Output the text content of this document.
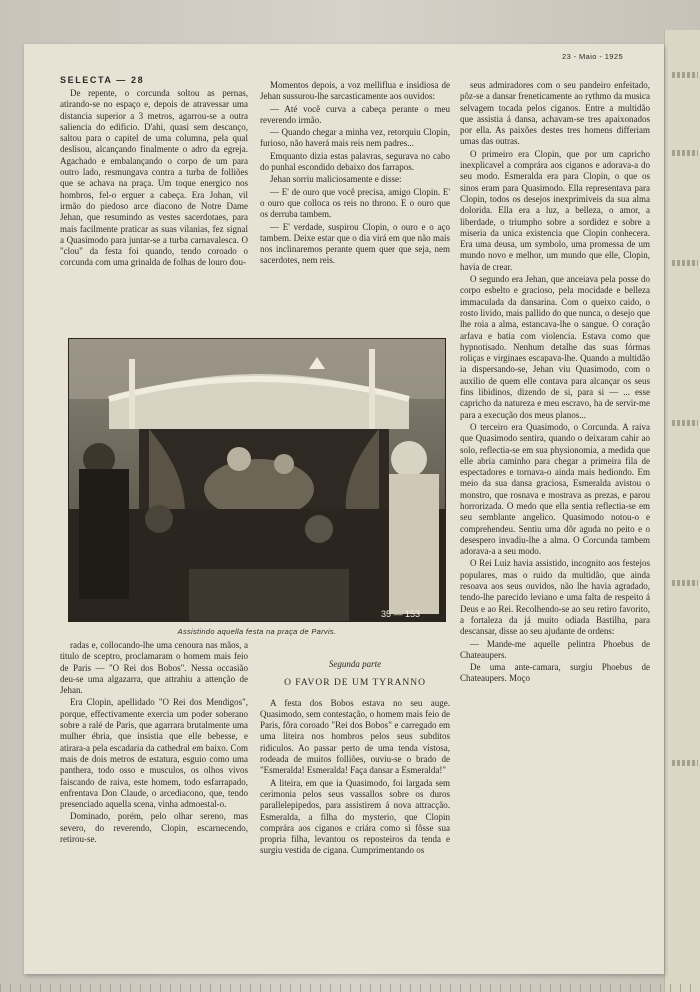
SELECTA — 28
23 - Maio - 1925

De repente, o corcunda soltou as pernas, atirando-se no espaço e, depois de atravessar uma distancia superior a 3 metros, agarrou-se a outra saliencia do edificio. D'ahi, quasi sem descanço, saltou para o capitel de uma columna, pela qual deslisou, alcançando finalmente o adro da egreja. Agachado e embalançando o corpo de um para outro lado, resmungava contra a turba de folliões que se achava na praça. Um toque energico nos hombros, fel-o erguer a cabeça. Era Johan, vil irmão do piedoso arce diacono de Notre Dame Jehan, que resumindo as vestes sacerdotaes, para mais facilmente praticar as suas vilanias, fez signal a Quasimodo para juntar-se a turba carnavalesca. O "clou" da festa foi quando, tendo coroado o corcunda com uma grinalda de folhas de louro dou-

Momentos depois, a voz melliflua e insidiosa de Jehan sussurou-lhe sarcasticamente aos ouvidos:

— Até você curva a cabeça perante o meu reverendo irmão.

— Quando chegar a minha vez, retorquiu Clopin, furioso, não haverá mais reis nem padres...

Emquanto dizia estas palavras, segurava no cabo do punhal escondido debaixo dos farrapos.

Jehan sorriu maliciosamente e disse:

— E' de ouro que você precisa, amigo Clopin. E' o ouro que colloca os reis no throno. E o ouro que os derruba tambem.

— E' verdade, suspirou Clopin, o ouro e o aço tambem. Deixe estar que o dia virá em que não mais nos inclinaremos perante quem quer que seja, nem sacerdotes, nem reis.

seus admiradores com o seu pandeiro enfeitado, pôz-se a dansar freneticamente ao rythmo da musica selvagem tocada pelos ciganos. Entre a multidão que assistia á dansa, achavam-se tres apaixonados por ella. As paixões destes tres homens differiam umas das outras.

O primeiro era Clopin, que por um capricho inexplicavel a comprára aos ciganos e adorava-a do seu modo. Esmeralda era para Clopin, o que os sinos eram para Quasimodo. Ella representava para Clopin, todos os desejos inexprimiveis da sua alma dolorida. Ella era a luz, a belleza, o amor, a liberdade, o triumpho sobre a sordidez e sobre a miseria da unica existencia que Clopin conhecera. Era uma deusa, um symbolo, uma promessa de um mundo novo e melhor, um mundo que elle, Clopin, havia de crear.

O segundo era Jehan, que anceiava pela posse do corpo esbelto e gracioso, pela mocidade e belleza immaculada da dansarina. Com o queixo caido, o rosto livido, mais pallido do que nunca, o desejo que lhe roia a alma, estancava-lhe o sangue. O coração arfava e batia com violencia. Estava como que hypnotisado. Nenhum detalhe das suas fórmas roliças e virginaes escapava-lhe. Quando a multidão ia dispersando-se, Jehan viu Quasimodo, com o auxilio de quem elle contava para alcançar os seus fins libidinos, dizendo de si, para si — ... esse capricho da natureza e meu escravo, ha de servir-me para a execução dos meus planos...

O terceiro era Quasimodo, o Corcunda. A raiva que Quasimodo sentira, quando o deixaram cahir ao solo, reflectia-se em sua physionomia, a medida que elle abria caminho para chegar a primeira fila de espectadores e tornava-o ainda mais hediondo. Em meio da sua dansa graciosa, Esmeralda avistou o monstro, que rosnava e mostrava as prezas, e parou horrorizada. O medo que ella sentia reflectia-se em seu semblante angelico. Quasimodo notou-o e comprehendeu. Sentiu uma dôr aguda no peito e o desespero invadiu-lhe a alma. O Corcunda tambem adorava-a a seu modo.

O Rei Luiz havia assistido, incognito aos festejos populares, mas o ruido da multidão, que ainda resoava aos seus ouvidos, não lhe havia agradado, tendo-lhe parecido leviano e uma falta de respeito á Deus e ao Rei. Recolhendo-se ao seu retiro favorito, a fortaleza da já muito odiada Bastilha, para descansar, disse ao seu ajudante de ordens:

— Mande-me aquelle pelintra Phoebus de Chateaupers.

De uma ante-camara, surgiu Phoebus de Chateaupers. Moço

35 — 153
Assistindo aquella festa na praça de Parvis.

radas e, collocando-lhe uma cenoura nas mãos, a titulo de sceptro, proclamaram o homem mais feio de Paris — "O Rei dos Bobos". Nessa occasião deu-se uma algazarra, que attrahiu a attenção de Jehan.

Era Clopin, apellidado "O Rei dos Mendigos", porque, effectivamente exercia um poder soberano sobre a ralé de Paris, que agarrara brutalmente uma mulher ébria, que insistia que elle bebesse, e atirara-a pela escadaria da cathedral em baixo. Com mais de dois metros de estatura, esguio como uma panthera, todo osso e musculos, os olhos vivos faiscando de raiva, este homem, todo esfarrapado, enfrentava Don Claude, o arcediacono, que, tendo presenciado aquella scena, vinha admoestal-o.

Dominado, porém, pelo olhar sereno, mas severo, do reverendo, Clopin, escarnecendo, retirou-se.

Segunda parte
O FAVOR DE UM TYRANNO

A festa dos Bobos estava no seu auge. Quasimodo, sem contestação, o homem mais feio de Paris, fôra coroado "Rei dos Bobos" e carregado em uma liteira nos hombros pelos seus subditos ridiculos. Ao passar perto de uma tenda vistosa, rodeada de muitos folliões, ouviu-se o brado de "Esmeralda! Esmeralda! Faça dansar a Esmeralda!"

A liteira, em que ia Quasimodo, foi largada sem cerimonia pelos seus vassallos sobre os duros parallelepipedos, para assistirem á nova attracção. Esmeralda, a filha do mysterio, que Clopin comprára aos ciganos e criára como si fôsse sua propria filha, levantou os reposteiros da tenda e surgiu vestida de cigana. Cumprimentando os
